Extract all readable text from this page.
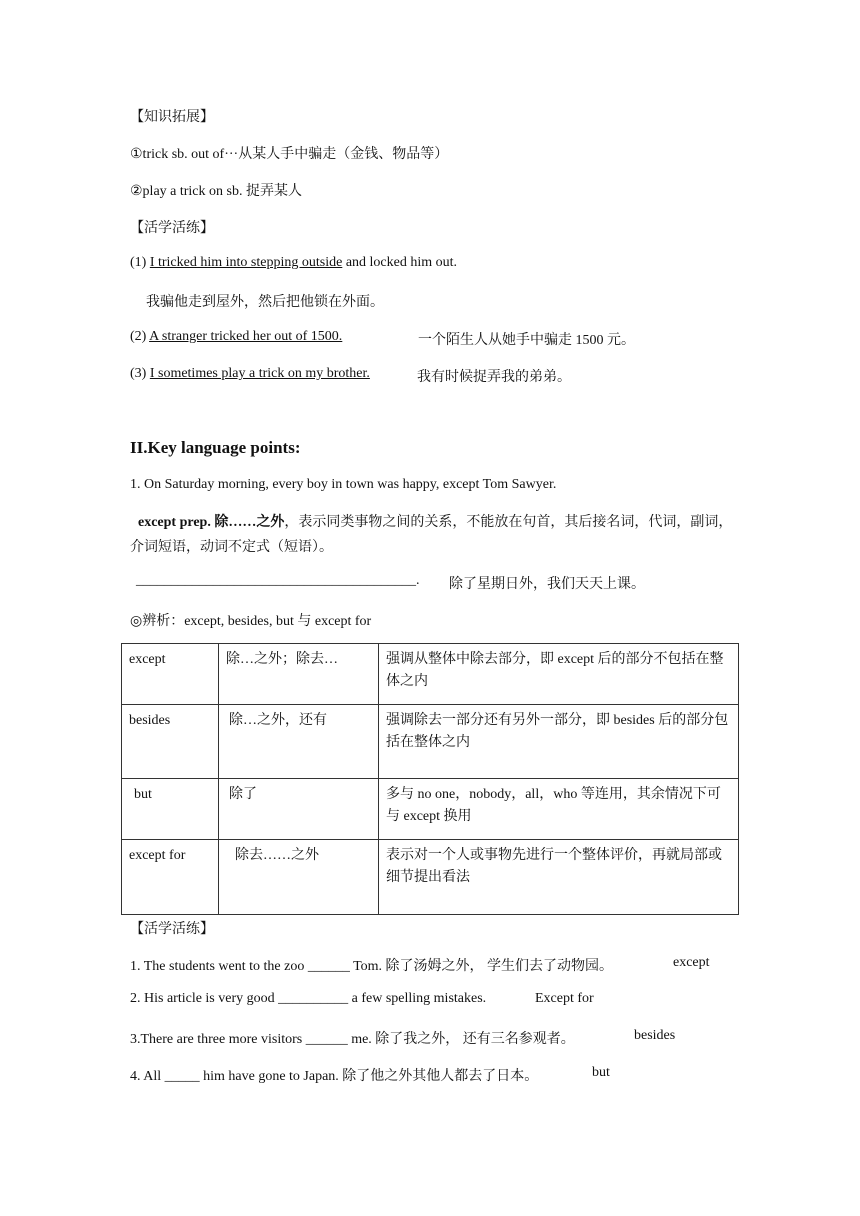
【知识拓展】
①trick sb. out of···从某人手中骗走（金钱、物品等）
②play a trick on sb. 捉弄某人
【活学活练】
(1) I tricked him into stepping outside and locked him out.
我骗他走到屋外，然后把他锁在外面。
(2) A stranger tricked her out of 1500.	一个陌生人从她手中骗走 1500 元。
(3) I sometimes play a trick on my brother.	我有时候捉弄我的弟弟。
II.Key language points:
1. On Saturday morning, every boy in town was happy, except Tom Sawyer.
except prep. 除……之外，表示同类事物之间的关系，不能放在句首，其后接名词，代词，副词，介词短语，动词不定式（短语）。
________________________________________. 除了星期日外，我们天天上课。
◎辨析：except, besides, but 与 except for
except	除…之外；除去…	强调从整体中除去部分，即 except 后的部分不包括在整体之内
besides	除…之外，还有	强调除去一部分还有另外一部分，即 besides 后的部分包括在整体之内
but	除了	多与 no one，nobody，all，who 等连用，其余情况下可与 except 换用
except for	除去……之外	表示对一个人或事物先进行一个整体评价，再就局部或细节提出看法
【活学活练】
1. The students went to the zoo ______ Tom. 除了汤姆之外， 学生们去了动物园。	except
2. His article is very good __________ a few spelling mistakes.	Except for
3.There are three more visitors ______ me. 除了我之外， 还有三名参观者。	besides
4. All _____ him have gone to Japan. 除了他之外其他人都去了日本。	but
